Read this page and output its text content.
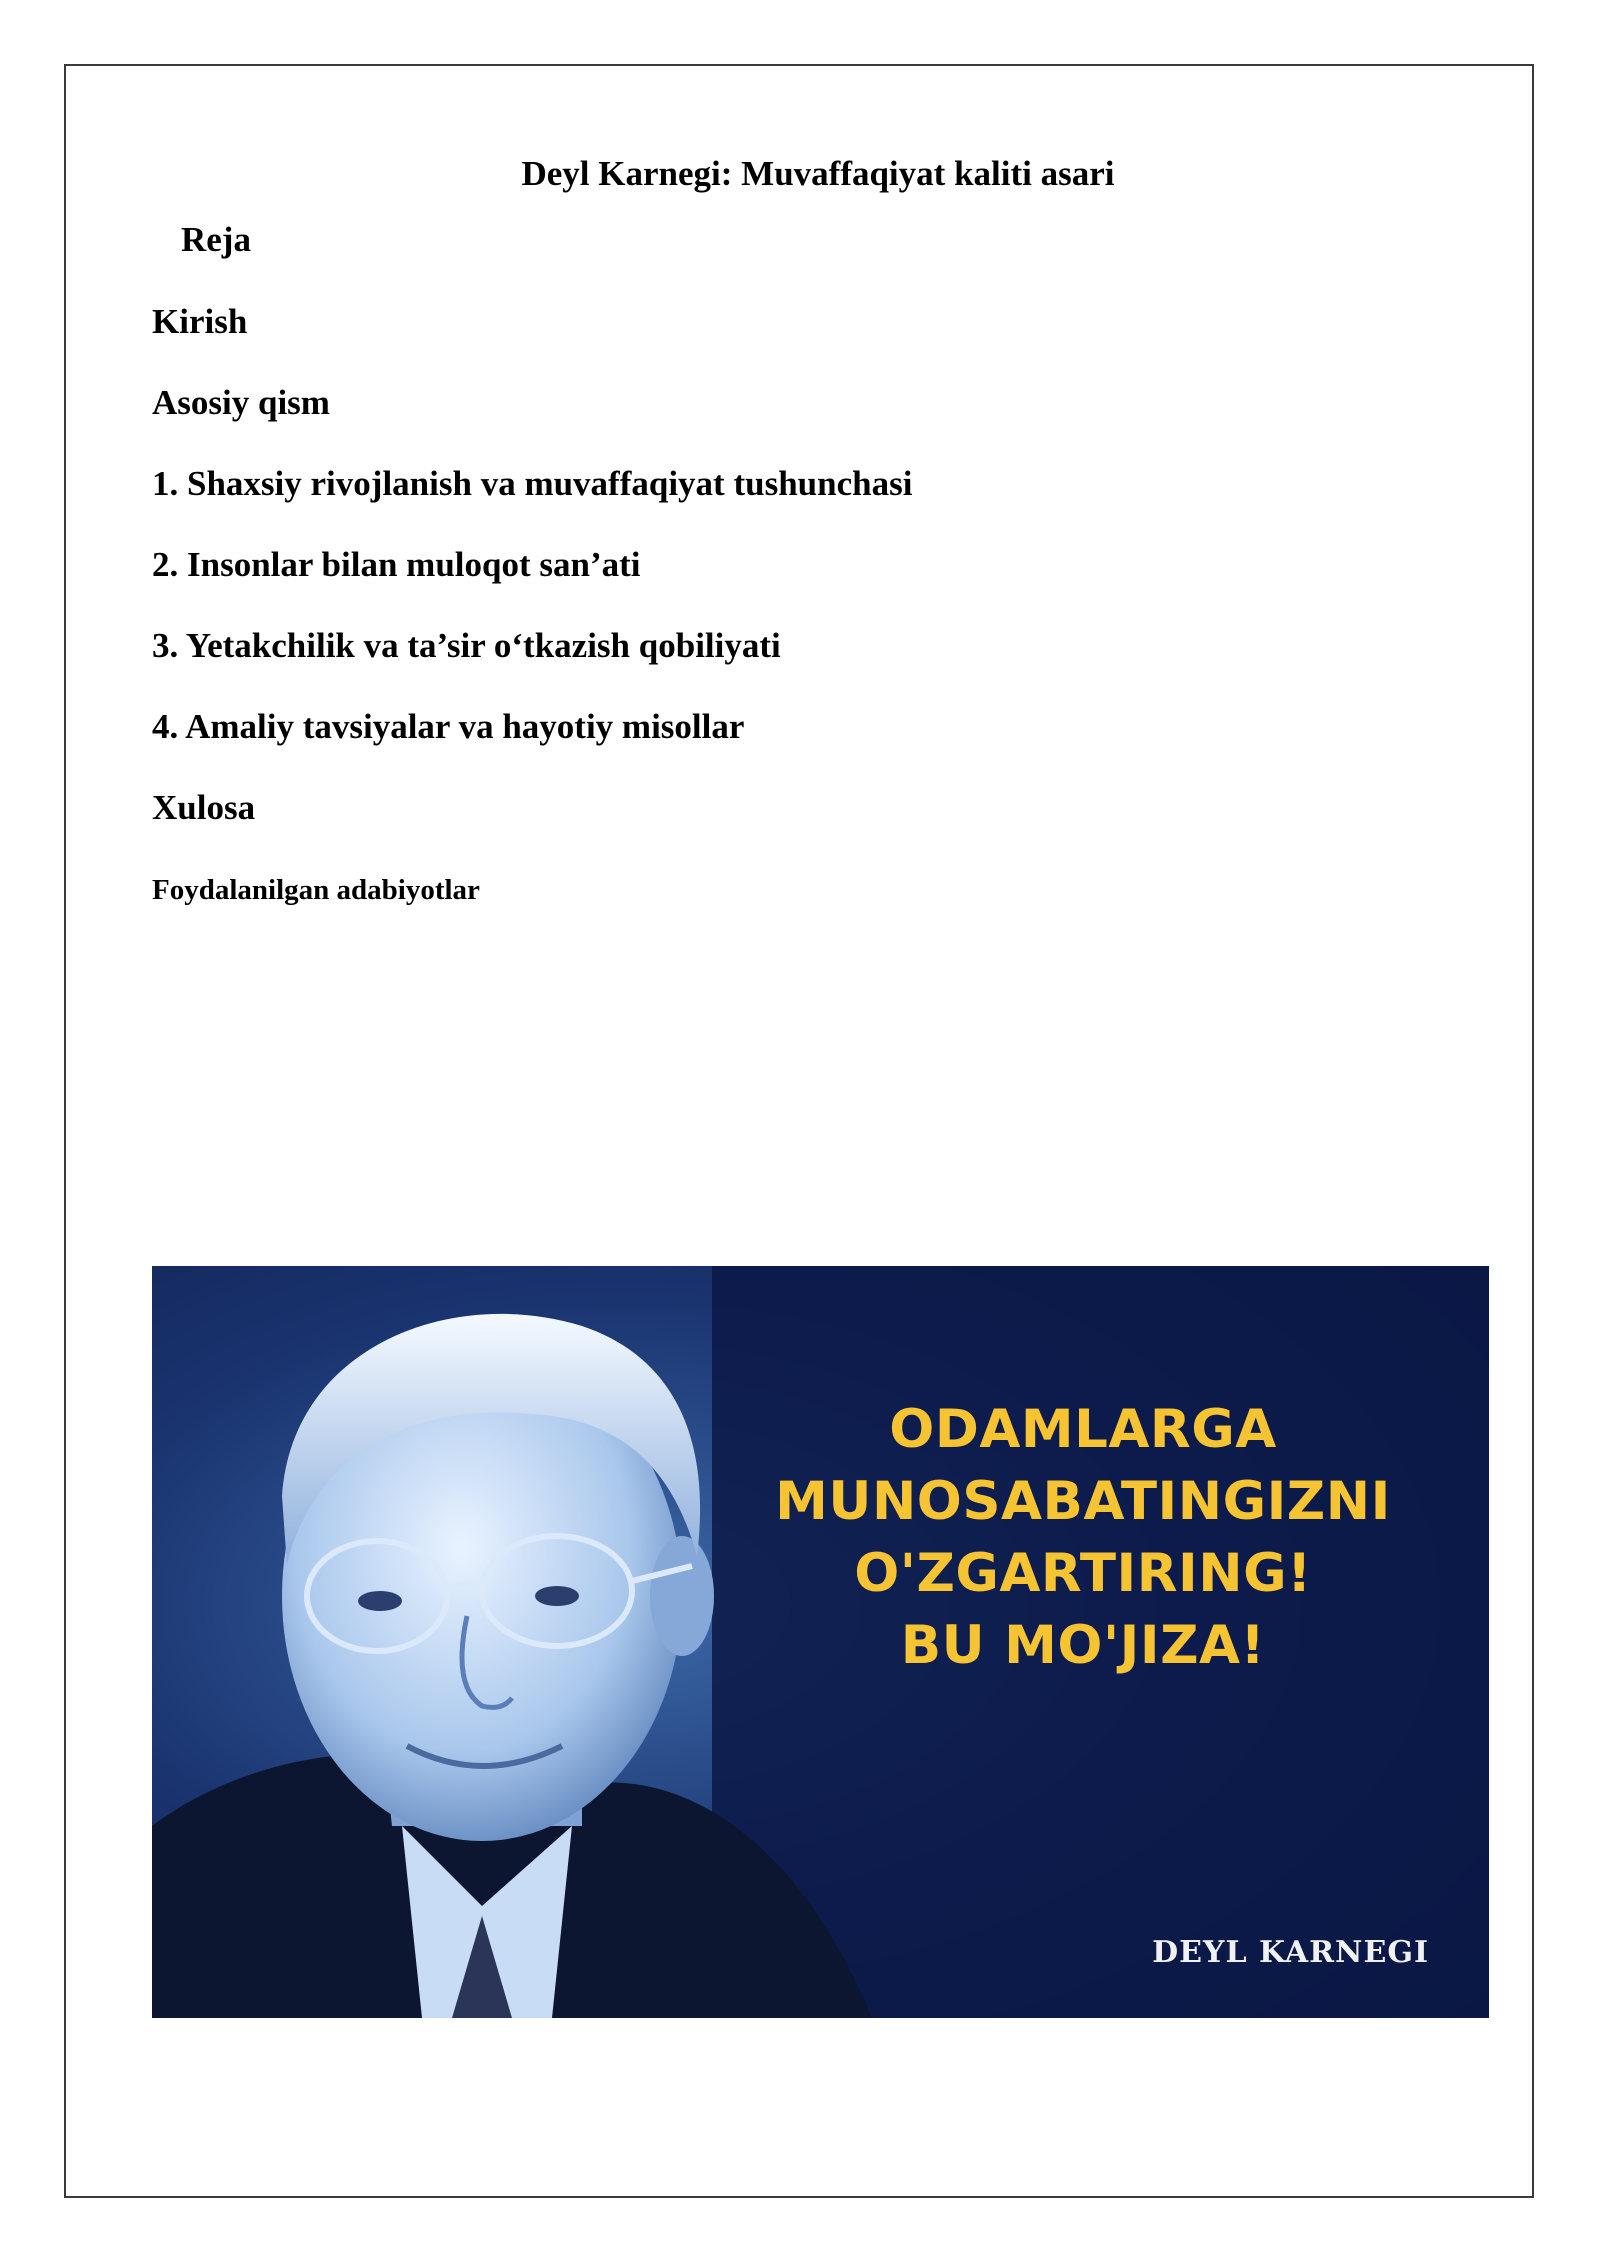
Deyl Karnegi: Muvaffaqiyat kaliti asari
Reja
Kirish
Asosiy qism
1. Shaxsiy rivojlanish va muvaffaqiyat tushunchasi
2. Insonlar bilan muloqot san’ati
3. Yetakchilik va ta’sir o‘tkazish qobiliyati
4. Amaliy tavsiyalar va hayotiy misollar
Xulosa
Foydalanilgan adabiyotlar
ODAMLARGA
MUNOSABATINGIZNI
O'ZGARTIRING!
BU MO'JIZA!
DEYL KARNEGI
